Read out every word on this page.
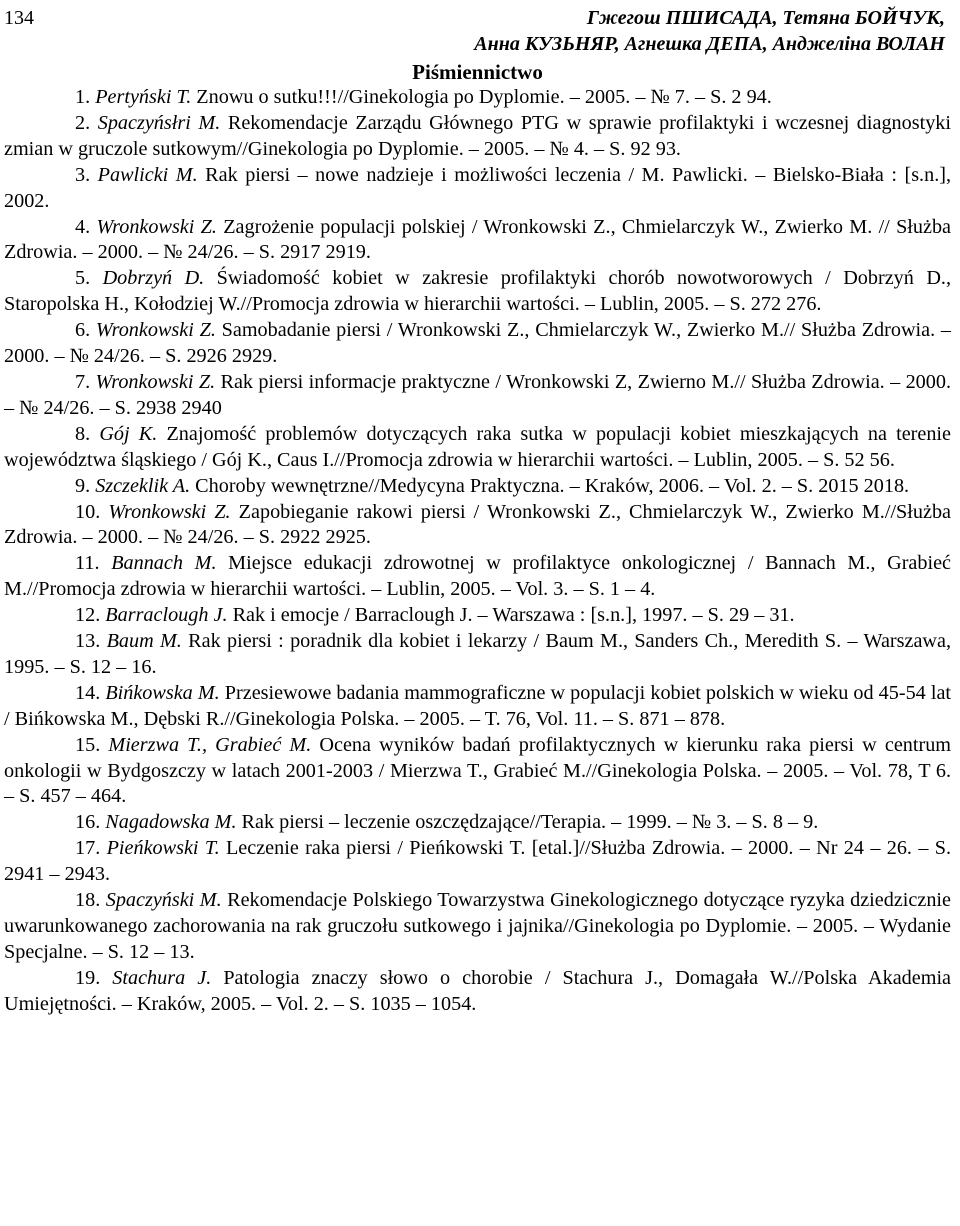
134	Гжегош ПШИСАДА, Тетяна БОЙЧУК,
Анна КУЗЬНЯР, Агнешка ДЕПА, Анджеліна ВОЛАН
Piśmiennictwo
1. Pertyński T. Znowu o sutku!!!//Ginekologia po Dyplomie. – 2005. – № 7. – S. 2 94.
2. Spaczyńsłri M. Rekomendacje Zarządu Głównego PTG w sprawie profilaktyki i wczesnej diagnostyki zmian w gruczole sutkowym//Ginekologia po Dyplomie. – 2005. – № 4. – S. 92 93.
3. Pawlicki M. Rak piersi – nowe nadzieje i możliwości leczenia / M. Pawlicki. – Bielsko-Biała : [s.n.], 2002.
4. Wronkowski Z. Zagrożenie populacji polskiej / Wronkowski Z., Chmielarczyk W., Zwierko M. // Służba Zdrowia. – 2000. – № 24/26. – S. 2917 2919.
5. Dobrzyń D. Świadomość kobiet w zakresie profilaktyki chorób nowotworowych / Dobrzyń D., Staropolska H., Kołodziej W.//Promocja zdrowia w hierarchii wartości. – Lublin, 2005. – S. 272 276.
6. Wronkowski Z. Samobadanie piersi / Wronkowski Z., Chmielarczyk W., Zwierko M.// Służba Zdrowia. – 2000. – № 24/26. – S. 2926 2929.
7. Wronkowski Z. Rak piersi informacje praktyczne / Wronkowski Z, Zwierno M.// Służba Zdrowia. – 2000. – № 24/26. – S. 2938 2940
8. Gój K. Znajomość problemów dotyczących raka sutka w populacji kobiet mieszkających na terenie województwa śląskiego / Gój K., Caus I.//Promocja zdrowia w hierarchii wartości. – Lublin, 2005. – S. 52 56.
9. Szczeklik A. Choroby wewnętrzne//Medycyna Praktyczna. – Kraków, 2006. – Vol. 2. – S. 2015 2018.
10. Wronkowski Z. Zapobieganie rakowi piersi / Wronkowski Z., Chmielarczyk W., Zwierko M.//Służba Zdrowia. – 2000. – № 24/26. – S. 2922 2925.
11. Bannach M. Miejsce edukacji zdrowotnej w profilaktyce onkologicznej / Bannach M., Grabieć M.//Promocja zdrowia w hierarchii wartości. – Lublin, 2005. – Vol. 3. – S. 1 – 4.
12. Barraclough J. Rak i emocje / Barraclough J. – Warszawa : [s.n.], 1997. – S. 29 – 31.
13. Baum M. Rak piersi : poradnik dla kobiet i lekarzy / Baum M., Sanders Ch., Meredith S. – Warszawa, 1995. – S. 12 – 16.
14. Bińkowska M. Przesiewowe badania mammograficzne w populacji kobiet polskich w wieku od 45-54 lat / Bińkowska M., Dębski R.//Ginekologia Polska. – 2005. – T. 76, Vol. 11. – S. 871 – 878.
15. Mierzwa T., Grabieć M. Ocena wyników badań profilaktycznych w kierunku raka piersi w centrum onkologii w Bydgoszczy w latach 2001-2003 / Mierzwa T., Grabieć M.//Ginekologia Polska. – 2005. – Vol. 78, T 6. – S. 457 – 464.
16. Nagadowska M. Rak piersi – leczenie oszczędzające//Terapia. – 1999. – № 3. – S. 8 – 9.
17. Pieńkowski T. Leczenie raka piersi / Pieńkowski T. [etal.]//Służba Zdrowia. – 2000. – Nr 24 – 26. – S. 2941 – 2943.
18. Spaczyński M. Rekomendacje Polskiego Towarzystwa Ginekologicznego dotyczące ryzyka dziedzicznie uwarunkowanego zachorowania na rak gruczołu sutkowego i jajnika//Ginekologia po Dyplomie. – 2005. – Wydanie Specjalne. – S. 12 – 13.
19. Stachura J. Patologia znaczy słowo o chorobie / Stachura J., Domagała W.//Polska Akademia Umiejętności. – Kraków, 2005. – Vol. 2. – S. 1035 – 1054.
